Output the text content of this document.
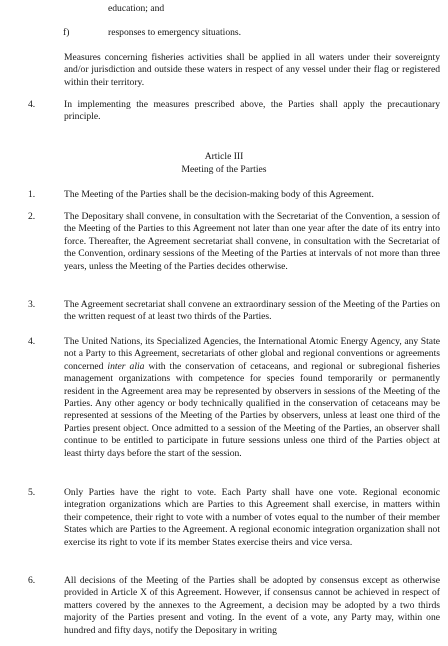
education; and
f)	responses to emergency situations.
Measures concerning fisheries activities shall be applied in all waters under their sovereignty and/or jurisdiction and outside these waters in respect of any vessel under their flag or registered within their territory.
4.	In implementing the measures prescribed above, the Parties shall apply the precautionary principle.
Article III
Meeting of the Parties
1.	The Meeting of the Parties shall be the decision-making body of this Agreement.
2.	The Depositary shall convene, in consultation with the Secretariat of the Convention, a session of the Meeting of the Parties to this Agreement not later than one year after the date of its entry into force. Thereafter, the Agreement secretariat shall convene, in consultation with the Secretariat of the Convention, ordinary sessions of the Meeting of the Parties at intervals of not more than three years, unless the Meeting of the Parties decides otherwise.
3.	The Agreement secretariat shall convene an extraordinary session of the Meeting of the Parties on the written request of at least two thirds of the Parties.
4.	The United Nations, its Specialized Agencies, the International Atomic Energy Agency, any State not a Party to this Agreement, secretariats of other global and regional conventions or agreements concerned inter alia with the conservation of cetaceans, and regional or subregional fisheries management organizations with competence for species found temporarily or permanently resident in the Agreement area may be represented by observers in sessions of the Meeting of the Parties. Any other agency or body technically qualified in the conservation of cetaceans may be represented at sessions of the Meeting of the Parties by observers, unless at least one third of the Parties present object. Once admitted to a session of the Meeting of the Parties, an observer shall continue to be entitled to participate in future sessions unless one third of the Parties object at least thirty days before the start of the session.
5.	Only Parties have the right to vote. Each Party shall have one vote. Regional economic integration organizations which are Parties to this Agreement shall exercise, in matters within their competence, their right to vote with a number of votes equal to the number of their member States which are Parties to the Agreement. A regional economic integration organization shall not exercise its right to vote if its member States exercise theirs and vice versa.
6.	All decisions of the Meeting of the Parties shall be adopted by consensus except as otherwise provided in Article X of this Agreement. However, if consensus cannot be achieved in respect of matters covered by the annexes to the Agreement, a decision may be adopted by a two thirds majority of the Parties present and voting. In the event of a vote, any Party may, within one hundred and fifty days, notify the Depositary in writing
